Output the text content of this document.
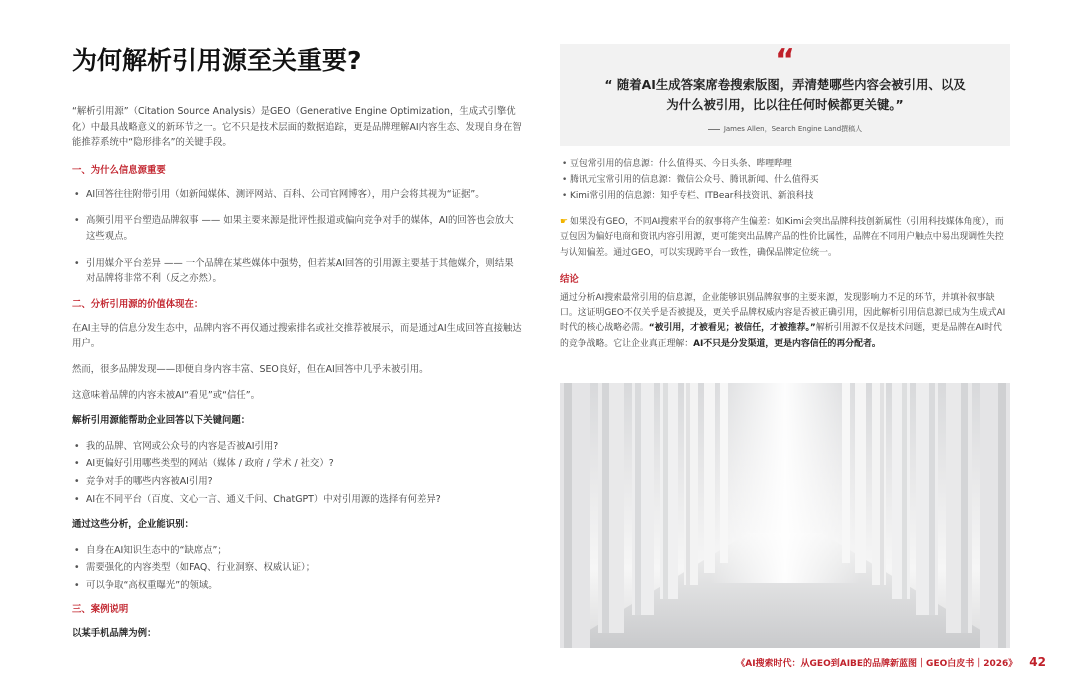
为何解析引用源至关重要?

“解析引用源”（Citation Source Analysis）是GEO（Generative Engine Optimization，生成式引擎优化）中最具战略意义的新环节之一。它不只是技术层面的数据追踪，更是品牌理解AI内容生态、发现自身在智能推荐系统中“隐形排名”的关键手段。

一、为什么信息源重要
• AI回答往往附带引用（如新闻媒体、测评网站、百科、公司官网博客），用户会将其视为“证据”。
• 高频引用平台塑造品牌叙事 —— 如果主要来源是批评性报道或偏向竞争对手的媒体，AI的回答也会放大这些观点。
• 引用媒介平台差异 —— 一个品牌在某些媒体中强势，但若某AI回答的引用源主要基于其他媒介，则结果对品牌将非常不利（反之亦然）。
二、分析引用源的价值体现在：

在AI主导的信息分发生态中，品牌内容不再仅通过搜索排名或社交推荐被展示，而是通过AI生成回答直接触达用户。

然而，很多品牌发现——即便自身内容丰富、SEO良好，但在AI回答中几乎未被引用。

这意味着品牌的内容未被AI“看见”或“信任”。

解析引用源能帮助企业回答以下关键问题：

• 我的品牌、官网或公众号的内容是否被AI引用?
• AI更偏好引用哪些类型的网站（媒体 / 政府 / 学术 / 社交）?
• 竞争对手的哪些内容被AI引用?
• AI在不同平台（百度、文心一言、通义千问、ChatGPT）中对引用源的选择有何差异?

通过这些分析，企业能识别：

• 自身在AI知识生态中的“缺席点”；
• 需要强化的内容类型（如FAQ、行业洞察、权威认证）；
• 可以争取“高权重曝光”的领域。
三、案例说明

以某手机品牌为例：

“
“ 随着AI生成答案席卷搜索版图，弄清楚哪些内容会被引用、以及为什么被引用，比以往任何时候都更关键。”
James Allen，Search Engine Land撰稿人
• 豆包常引用的信息源：什么值得买、今日头条、哔哩哔哩
• 腾讯元宝常引用的信息源：微信公众号、腾讯新闻、什么值得买
• Kimi常引用的信息源：知乎专栏、ITBear科技资讯、新浪科技

☛ 如果没有GEO，不同AI搜索平台的叙事将产生偏差：如Kimi会突出品牌科技创新属性（引用科技媒体角度），而豆包因为偏好电商和资讯内容引用源，更可能突出品牌产品的性价比属性，品牌在不同用户触点中易出现调性失控与认知偏差。通过GEO，可以实现跨平台一致性，确保品牌定位统一。

结论

通过分析AI搜索最常引用的信息源，企业能够识别品牌叙事的主要来源，发现影响力不足的环节，并填补叙事缺口。这证明GEO不仅关乎是否被提及，更关乎品牌权威内容是否被正确引用，因此解析引用信息源已成为生成式AI时代的核心战略必需。“被引用，才被看见；被信任，才被推荐。”解析引用源不仅是技术问题，更是品牌在AI时代的竞争战略。它让企业真正理解：AI不只是分发渠道，更是内容信任的再分配者。

《AI搜索时代：从GEO到AIBE的品牌新蓝图｜GEO白皮书｜2026》 42
